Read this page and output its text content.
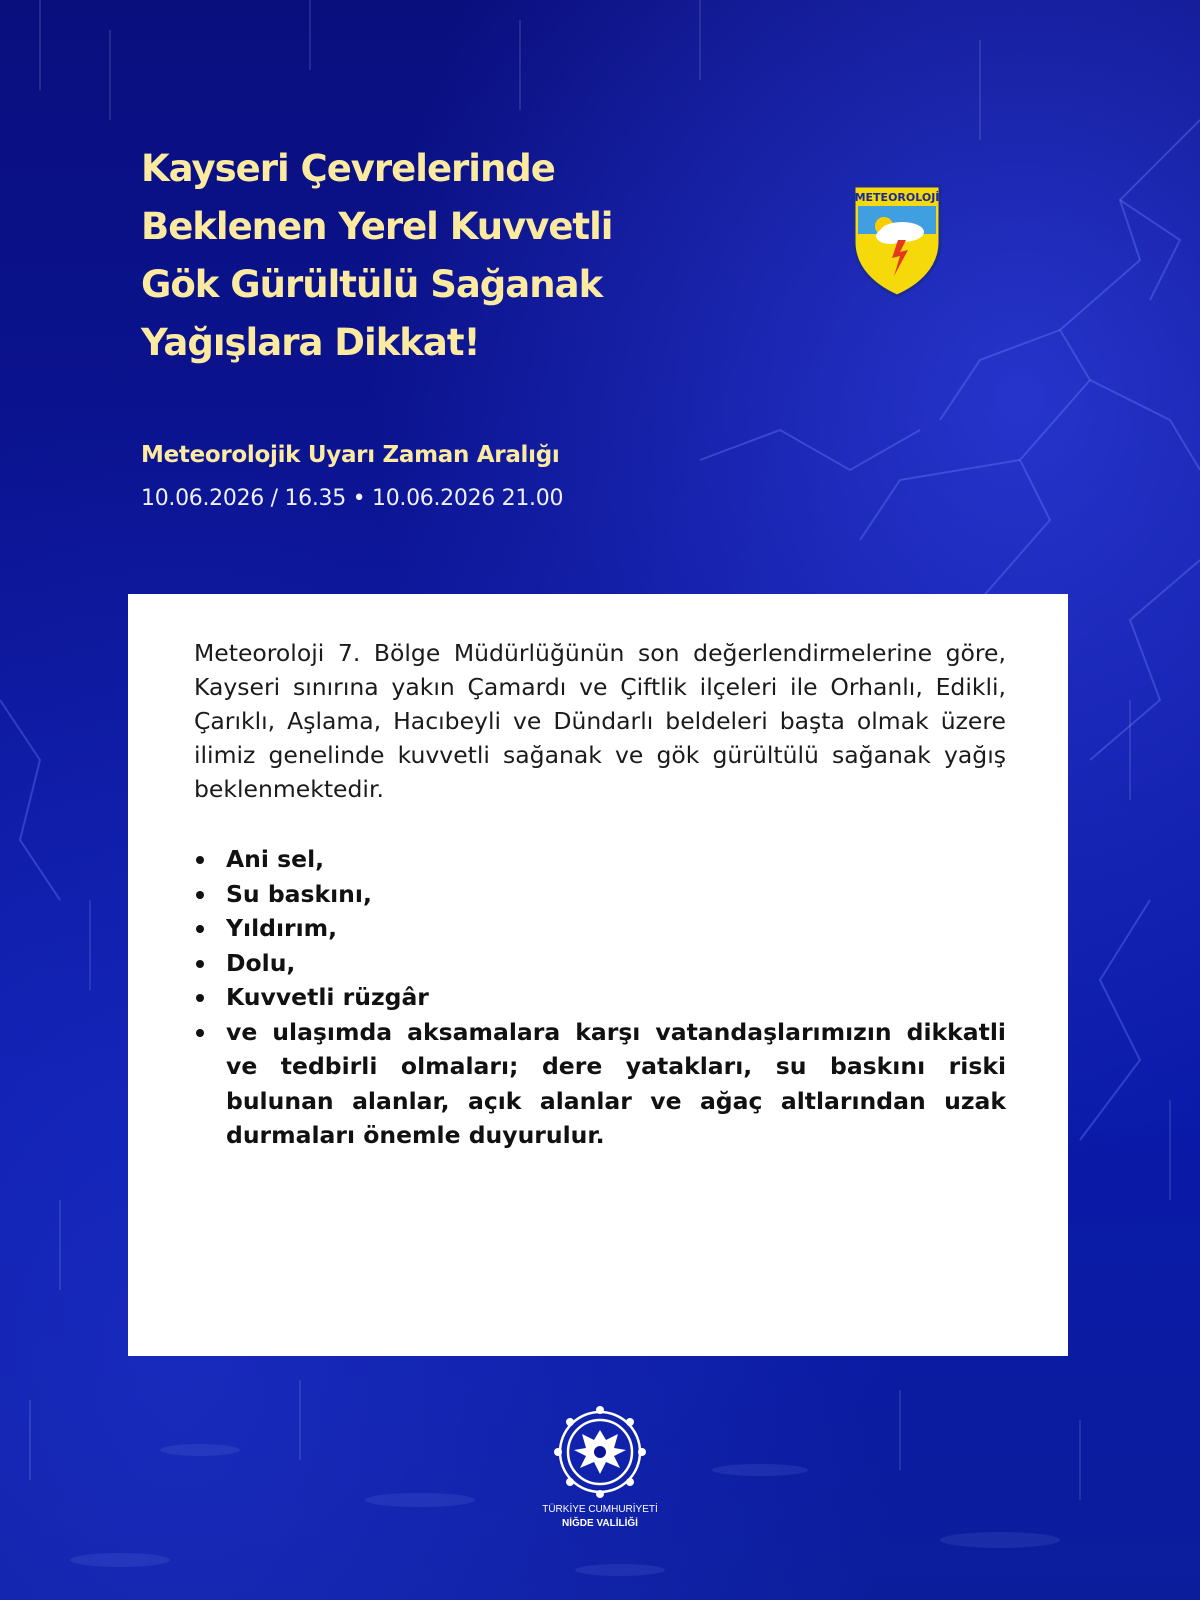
Kayseri Çevrelerinde
Beklenen Yerel Kuvvetli
Gök Gürültülü Sağanak
Yağışlara Dikkat!
METEOROLOJİ
Meteorolojik Uyarı Zaman Aralığı
10.06.2026 / 16.35 • 10.06.2026 21.00

Meteoroloji 7. Bölge Müdürlüğünün son değerlendirmelerine göre, Kayseri sınırına yakın Çamardı ve Çiftlik ilçeleri ile Orhanlı, Edikli, Çarıklı, Aşlama, Hacıbeyli ve Dündarlı beldeleri başta olmak üzere ilimiz genelinde kuvvetli sağanak ve gök gürültülü sağanak yağış beklenmektedir.

Ani sel,
Su baskını,
Yıldırım,
Dolu,
Kuvvetli rüzgâr
ve ulaşımda aksamalara karşı vatandaşlarımızın dikkatli ve tedbirli olmaları; dere yatakları, su baskını riski bulunan alanlar, açık alanlar ve ağaç altlarından uzak durmaları önemle duyurulur.
TÜRKİYE CUMHURİYETİ
NİĞDE VALİLİĞİ
